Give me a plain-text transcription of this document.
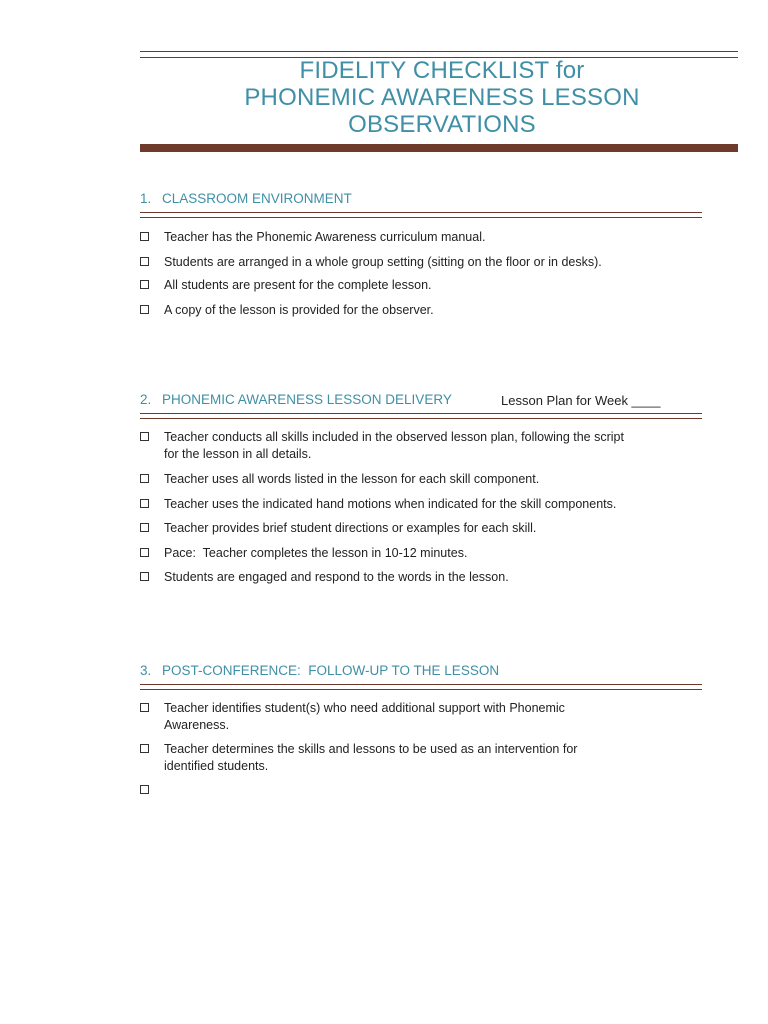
FIDELITY CHECKLIST for
PHONEMIC AWARENESS LESSON
OBSERVATIONS
1. CLASSROOM ENVIRONMENT
Teacher has the Phonemic Awareness curriculum manual.
Students are arranged in a whole group setting (sitting on the floor or in desks).
All students are present for the complete lesson.
A copy of the lesson is provided for the observer.
2. PHONEMIC AWARENESS LESSON DELIVERY	Lesson Plan for Week ____
Teacher conducts all skills included in the observed lesson plan, following the script for the lesson in all details.
Teacher uses all words listed in the lesson for each skill component.
Teacher uses the indicated hand motions when indicated for the skill components.
Teacher provides brief student directions or examples for each skill.
Pace:  Teacher completes the lesson in 10-12 minutes.
Students are engaged and respond to the words in the lesson.
3. POST-CONFERENCE:  FOLLOW-UP TO THE LESSON
Teacher identifies student(s) who need additional support with Phonemic Awareness.
Teacher determines the skills and lessons to be used as an intervention for identified students.
